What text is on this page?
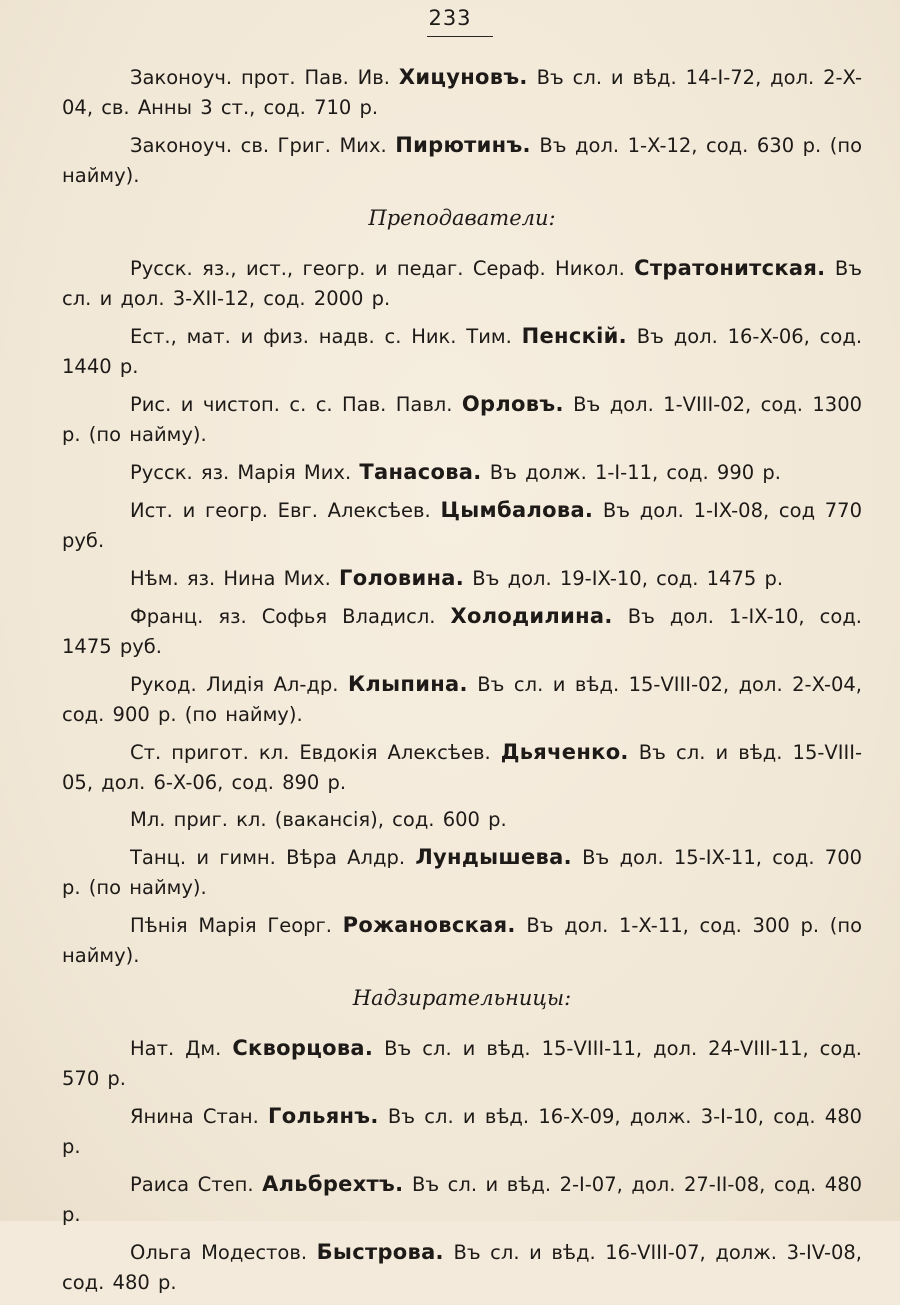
233

Законоуч. прот. Пав. Ив. Хицуновъ. Въ сл. и вѣд. 14-I-72, дол. 2-X-04, св. Анны 3 ст., сод. 710 р.

Законоуч. св. Григ. Мих. Пирютинъ. Въ дол. 1-X-12, сод. 630 р. (по найму).

Преподаватели:

Русск. яз., ист., геогр. и педаг. Сераф. Никол. Стратонитская. Въ сл. и дол. 3-XII-12, сод. 2000 р.

Ест., мат. и физ. надв. с. Ник. Тим. Пенскій. Въ дол. 16-X-06, сод. 1440 р.

Рис. и чистоп. с. с. Пав. Павл. Орловъ. Въ дол. 1-VIII-02, сод. 1300 р. (по найму).

Русск. яз. Марія Мих. Танасова. Въ долж. 1-I-11, сод. 990 р.

Ист. и геогр. Евг. Алексѣев. Цымбалова. Въ дол. 1-IX-08, сод 770 руб.

Нѣм. яз. Нина Мих. Головина. Въ дол. 19-IX-10, сод. 1475 р.

Франц. яз. Софья Владисл. Холодилина. Въ дол. 1-IX-10, сод. 1475 руб.

Рукод. Лидія Ал-др. Клыпина. Въ сл. и вѣд. 15-VIII-02, дол. 2-X-04, сод. 900 р. (по найму).

Ст. пригот. кл. Евдокія Алексѣев. Дьяченко. Въ сл. и вѣд. 15-VIII-05, дол. 6-X-06, сод. 890 р.

Мл. приг. кл. (вакансія), сод. 600 р.

Танц. и гимн. Вѣра Алдр. Лундышева. Въ дол. 15-IX-11, сод. 700 р. (по найму).

Пѣнія Марія Георг. Рожановская. Въ дол. 1-X-11, сод. 300 р. (по найму).

Надзирательницы:

Нат. Дм. Скворцова. Въ сл. и вѣд. 15-VIII-11, дол. 24-VIII-11, сод. 570 р.

Янина Стан. Гольянъ. Въ сл. и вѣд. 16-X-09, долж. 3-I-10, сод. 480 р.

Раиса Степ. Альбрехтъ. Въ сл. и вѣд. 2-I-07, дол. 27-II-08, сод. 480 р.

Ольга Модестов. Быстрова. Въ сл. и вѣд. 16-VIII-07, долж. 3-IV-08, сод. 480 р.
